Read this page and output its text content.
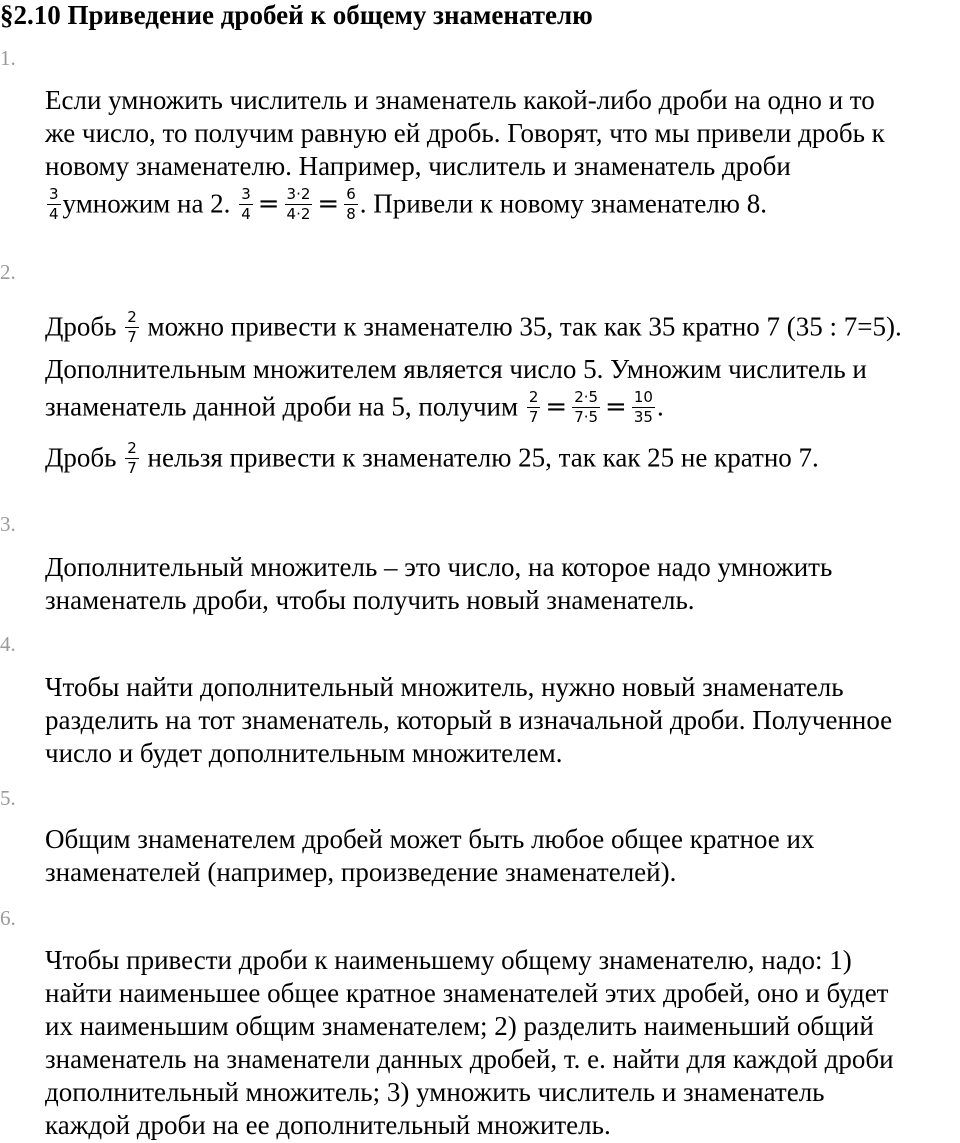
§2.10 Приведение дробей к общему знаменателю
1.
Если умножить числитель и знаменатель какой-либо дроби на одно и то
же число, то получим равную ей дробь. Говорят, что мы привели дробь к
новому знаменателю. Например, числитель и знаменатель дроби
$\frac{3}{4}$ умножим на 2. $\frac{3}{4} = \frac{3\cdot 2}{4\cdot 2} = \frac{6}{8}$ . Привели к новому знаменателю 8.
2.
Дробь $\frac{2}{7}$ можно привести к знаменателю 35, так как 35 кратно 7 (35 : 7=5).
Дополнительным множителем является число 5. Умножим числитель и
знаменатель данной дроби на 5, получим $\frac{2}{7} = \frac{2\cdot 5}{7\cdot 5} = \frac{10}{35}$ .
Дробь $\frac{2}{7}$ нельзя привести к знаменателю 25, так как 25 не кратно 7.
3.
Дополнительный множитель – это число, на которое надо умножить
знаменатель дроби, чтобы получить новый знаменатель.
4.
Чтобы найти дополнительный множитель, нужно новый знаменатель
разделить на тот знаменатель, который в изначальной дроби. Полученное
число и будет дополнительным множителем.
5.
Общим знаменателем дробей может быть любое общее кратное их
знаменателей (например, произведение знаменателей).
6.
Чтобы привести дроби к наименьшему общему знаменателю, надо: 1)
найти наименьшее общее кратное знаменателей этих дробей, оно и будет
их наименьшим общим знаменателем; 2) разделить наименьший общий
знаменатель на знаменатели данных дробей, т. е. найти для каждой дроби
дополнительный множитель; 3) умножить числитель и знаменатель
каждой дроби на ее дополнительный множитель.
